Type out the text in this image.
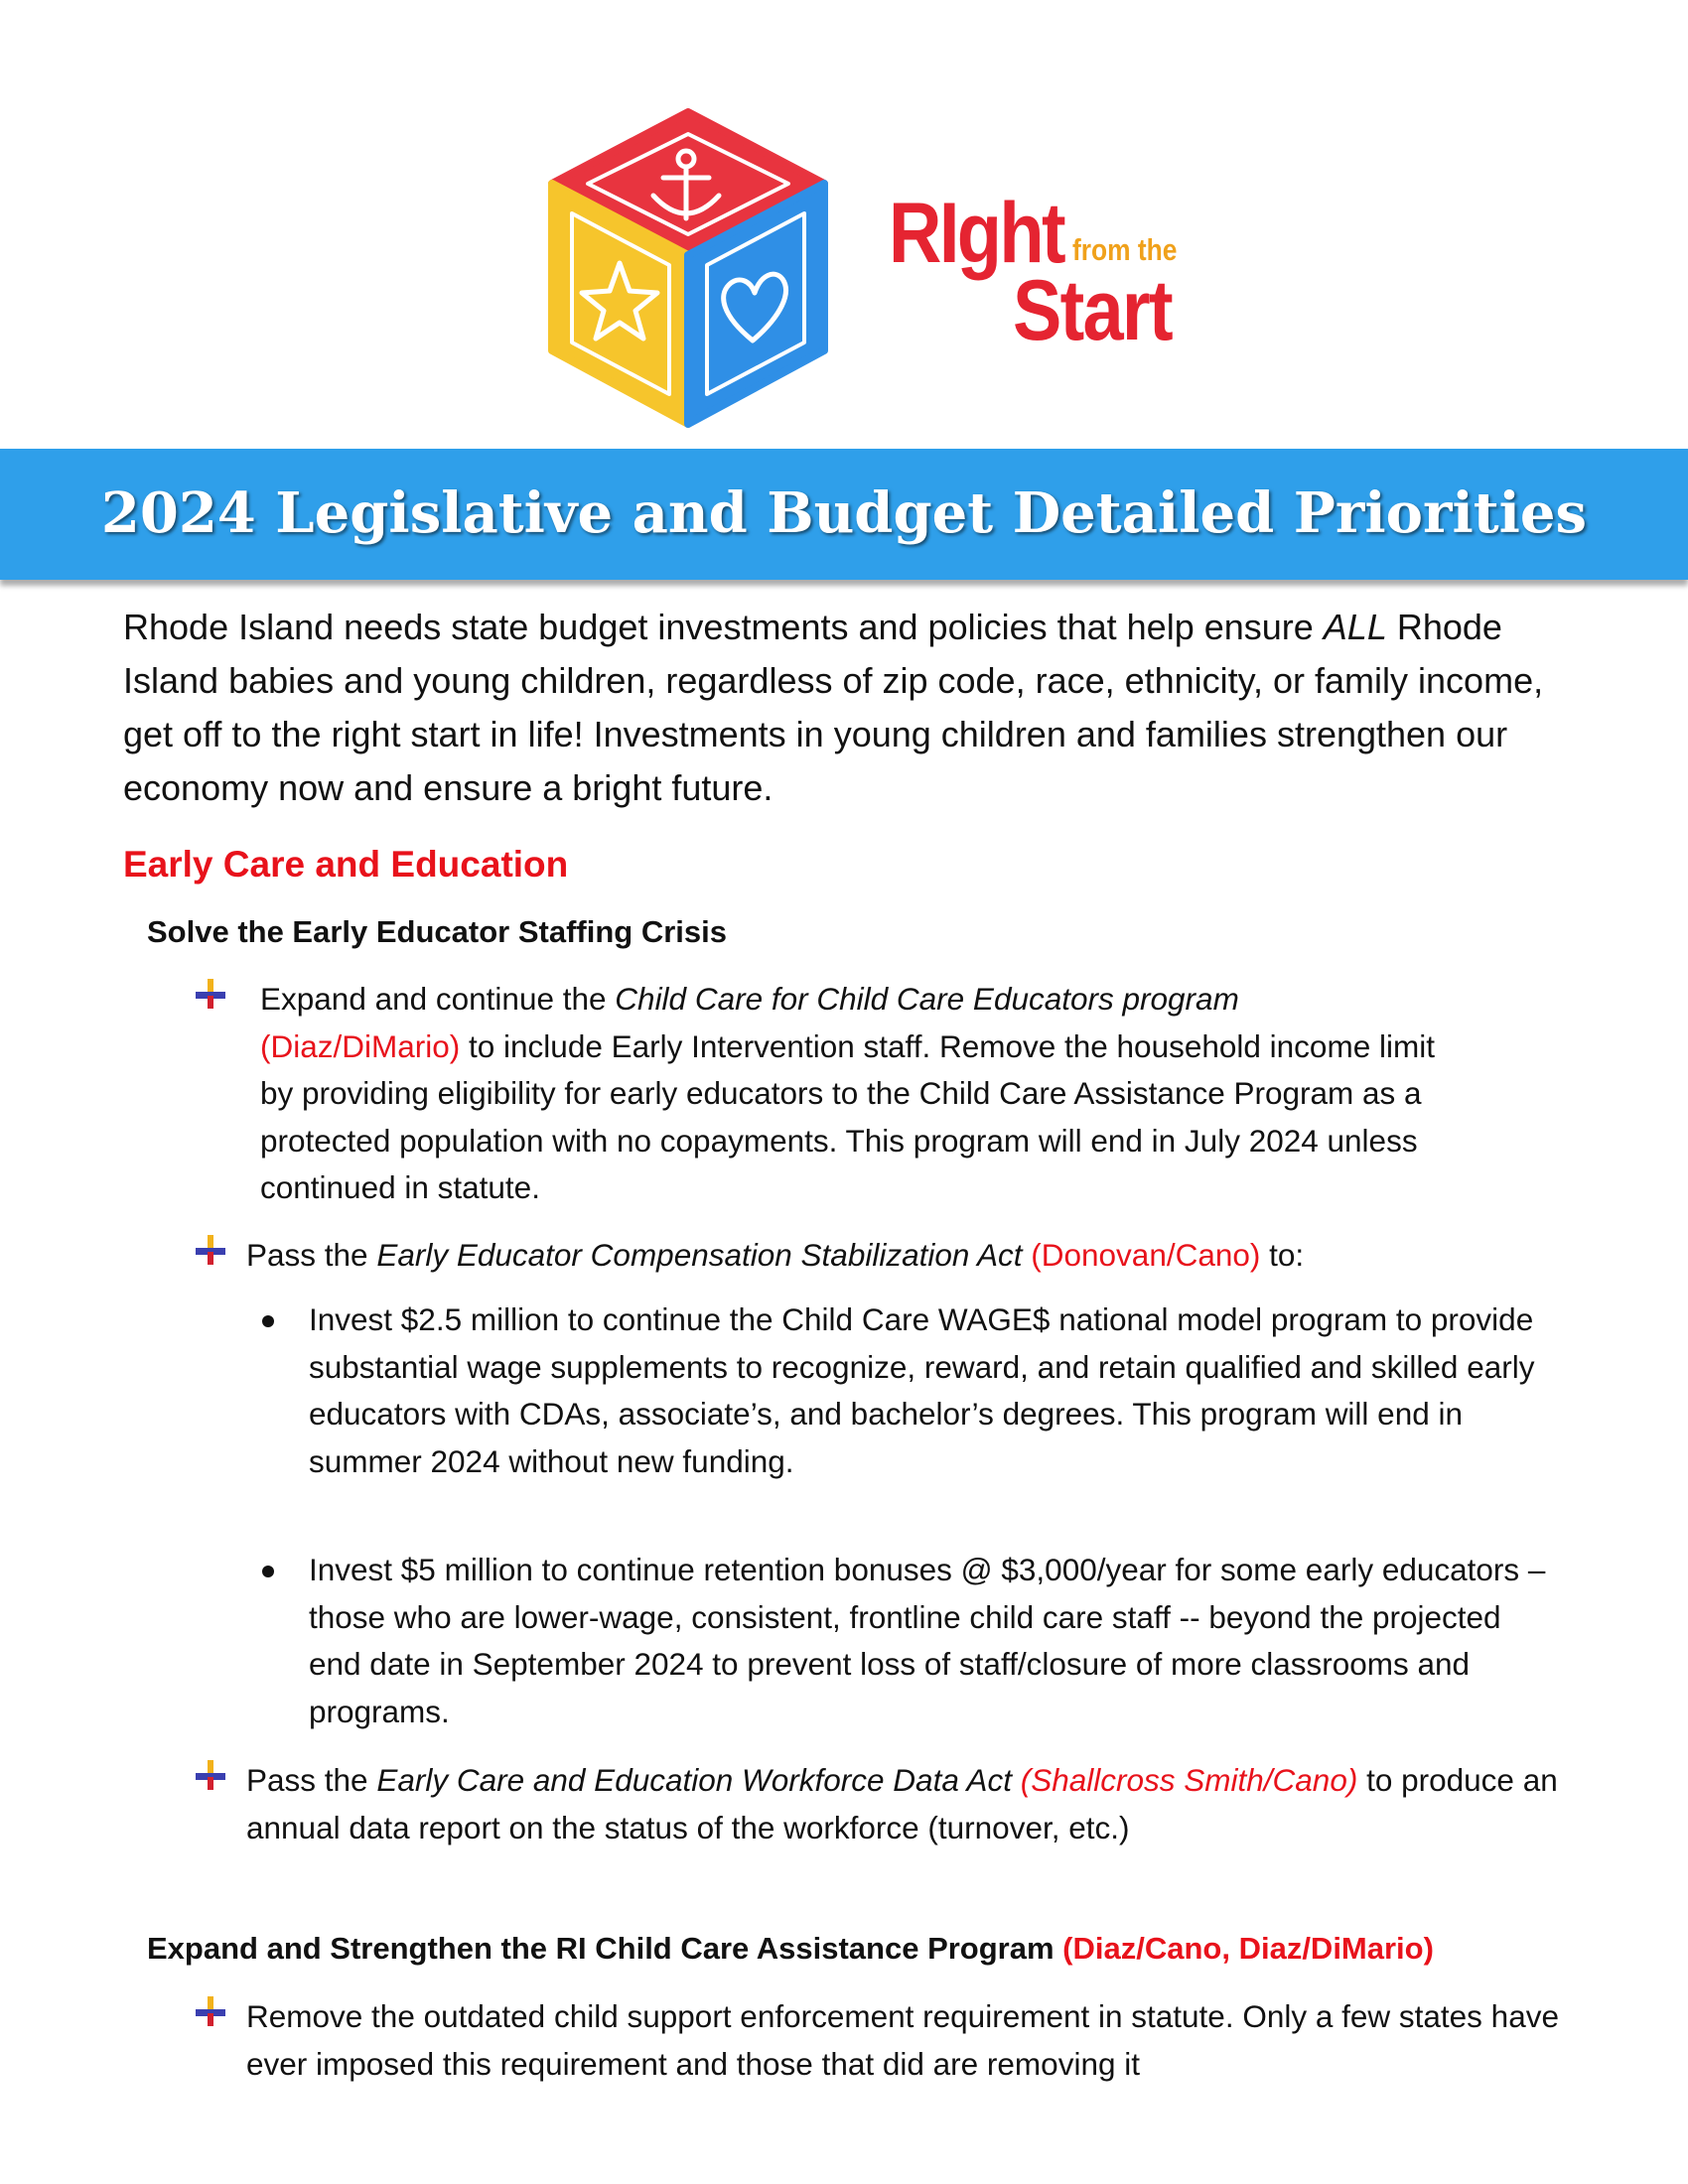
RIght from the
Start
2024 Legislative and Budget Detailed Priorities
Rhode Island needs state budget investments and policies that help ensure ALL Rhode Island babies and young children, regardless of zip code, race, ethnicity, or family income, get off to the right start in life! Investments in young children and families strengthen our economy now and ensure a bright future.
Early Care and Education
Solve the Early Educator Staffing Crisis
Expand and continue the Child Care for Child Care Educators program
(Diaz/DiMario) to include Early Intervention staff. Remove the household income limit by providing eligibility for early educators to the Child Care Assistance Program as a protected population with no copayments. This program will end in July 2024 unless continued in statute.
Pass the Early Educator Compensation Stabilization Act (Donovan/Cano) to:
Invest $2.5 million to continue the Child Care WAGE$ national model program to provide substantial wage supplements to recognize, reward, and retain qualified and skilled early educators with CDAs, associate’s, and bachelor’s degrees. This program will end in summer 2024 without new funding.
Invest $5 million to continue retention bonuses @ $3,000/year for some early educators – those who are lower-wage, consistent, frontline child care staff -- beyond the projected end date in September 2024 to prevent loss of staff/closure of more classrooms and programs.
Pass the Early Care and Education Workforce Data Act (Shallcross Smith/Cano) to produce an annual data report on the status of the workforce (turnover, etc.)
Expand and Strengthen the RI Child Care Assistance Program (Diaz/Cano, Diaz/DiMario)
Remove the outdated child support enforcement requirement in statute. Only a few states have ever imposed this requirement and those that did are removing it
